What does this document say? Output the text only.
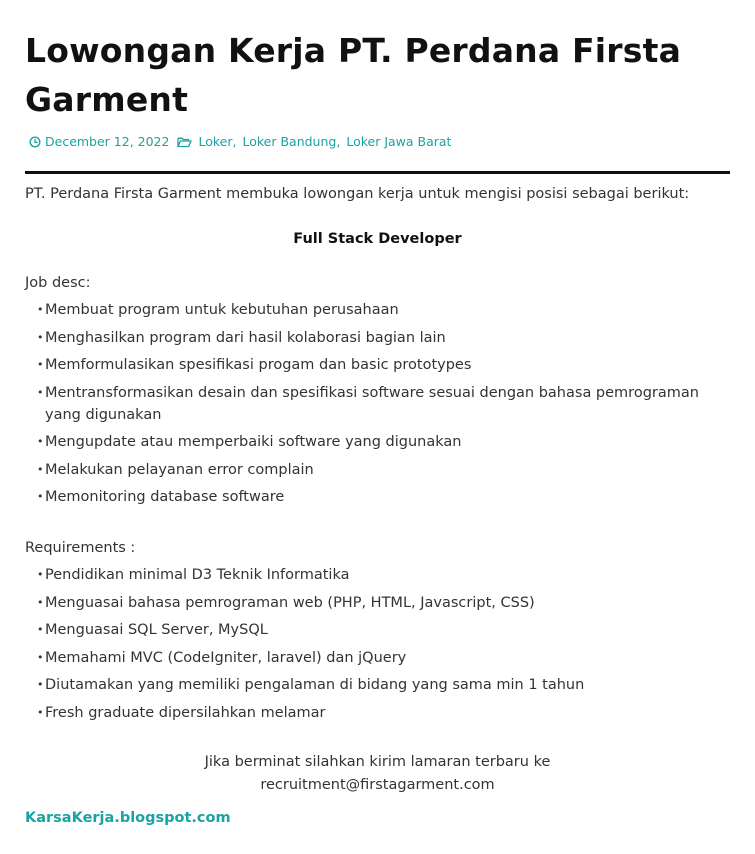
Lowongan Kerja PT. Perdana Firsta Garment
December 12, 2022 Loker , Loker Bandung , Loker Jawa Barat

PT. Perdana Firsta Garment membuka lowongan kerja untuk mengisi posisi sebagai berikut:

Full Stack Developer

Job desc:

• Membuat program untuk kebutuhan perusahaan
• Menghasilkan program dari hasil kolaborasi bagian lain
• Memformulasikan spesifikasi progam dan basic prototypes
• Mentransformasikan desain dan spesifikasi software sesuai dengan bahasa pemrograman yang digunakan
• Mengupdate atau memperbaiki software yang digunakan
• Melakukan pelayanan error complain
• Memonitoring database software

Requirements :

• Pendidikan minimal D3 Teknik Informatika
• Menguasai bahasa pemrograman web (PHP, HTML, Javascript, CSS)
• Menguasai SQL Server, MySQL
• Memahami MVC (CodeIgniter, laravel) dan jQuery
• Diutamakan yang memiliki pengalaman di bidang yang sama min 1 tahun
• Fresh graduate dipersilahkan melamar
Jika berminat silahkan kirim lamaran terbaru ke
recruitment@firstagarment.com
KarsaKerja.blogspot.com
